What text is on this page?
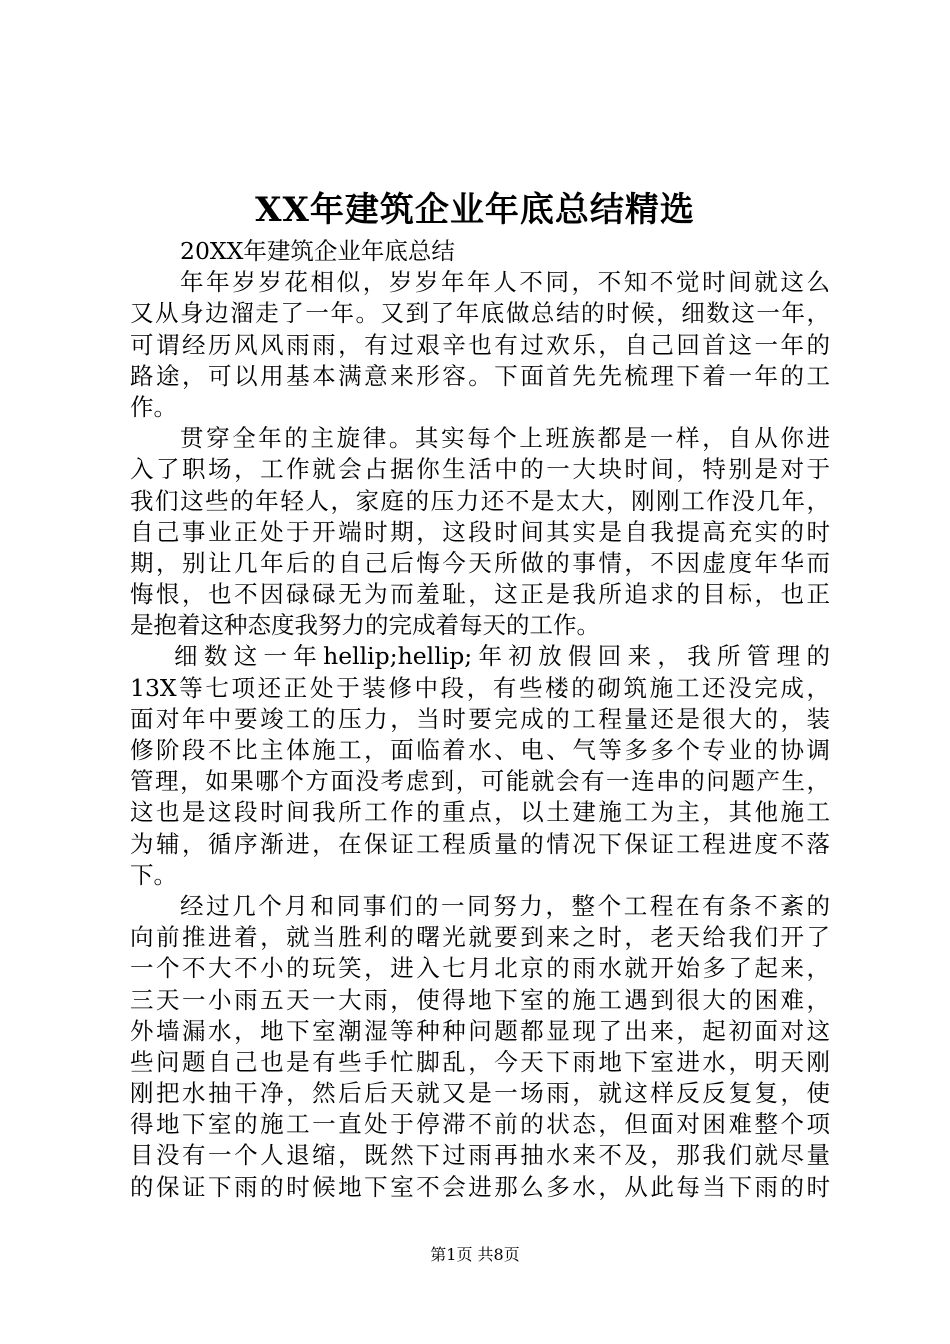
XX年建筑企业年底总结精选
20XX年建筑企业年底总结
年年岁岁花相似，岁岁年年人不同，不知不觉时间就这么
又从身边溜走了一年。又到了年底做总结的时候，细数这一年，
可谓经历风风雨雨，有过艰辛也有过欢乐，自己回首这一年的
路途，可以用基本满意来形容。下面首先先梳理下着一年的工
作。
贯穿全年的主旋律。其实每个上班族都是一样，自从你进
入了职场，工作就会占据你生活中的一大块时间，特别是对于
我们这些的年轻人，家庭的压力还不是太大，刚刚工作没几年，
自己事业正处于开端时期，这段时间其实是自我提高充实的时
期，别让几年后的自己后悔今天所做的事情，不因虚度年华而
悔恨，也不因碌碌无为而羞耻，这正是我所追求的目标，也正
是抱着这种态度我努力的完成着每天的工作。
细数这一年hellip;hellip;年初放假回来，我所管理的
13X等七项还正处于装修中段，有些楼的砌筑施工还没完成，
面对年中要竣工的压力，当时要完成的工程量还是很大的，装
修阶段不比主体施工，面临着水、电、气等多多个专业的协调
管理，如果哪个方面没考虑到，可能就会有一连串的问题产生，
这也是这段时间我所工作的重点，以土建施工为主，其他施工
为辅，循序渐进，在保证工程质量的情况下保证工程进度不落
下。
经过几个月和同事们的一同努力，整个工程在有条不紊的
向前推进着，就当胜利的曙光就要到来之时，老天给我们开了
一个不大不小的玩笑，进入七月北京的雨水就开始多了起来，
三天一小雨五天一大雨，使得地下室的施工遇到很大的困难，
外墙漏水，地下室潮湿等种种问题都显现了出来，起初面对这
些问题自己也是有些手忙脚乱，今天下雨地下室进水，明天刚
刚把水抽干净，然后后天就又是一场雨，就这样反反复复，使
得地下室的施工一直处于停滞不前的状态，但面对困难整个项
目没有一个人退缩，既然下过雨再抽水来不及，那我们就尽量
的保证下雨的时候地下室不会进那么多水，从此每当下雨的时
第1页 共8页
